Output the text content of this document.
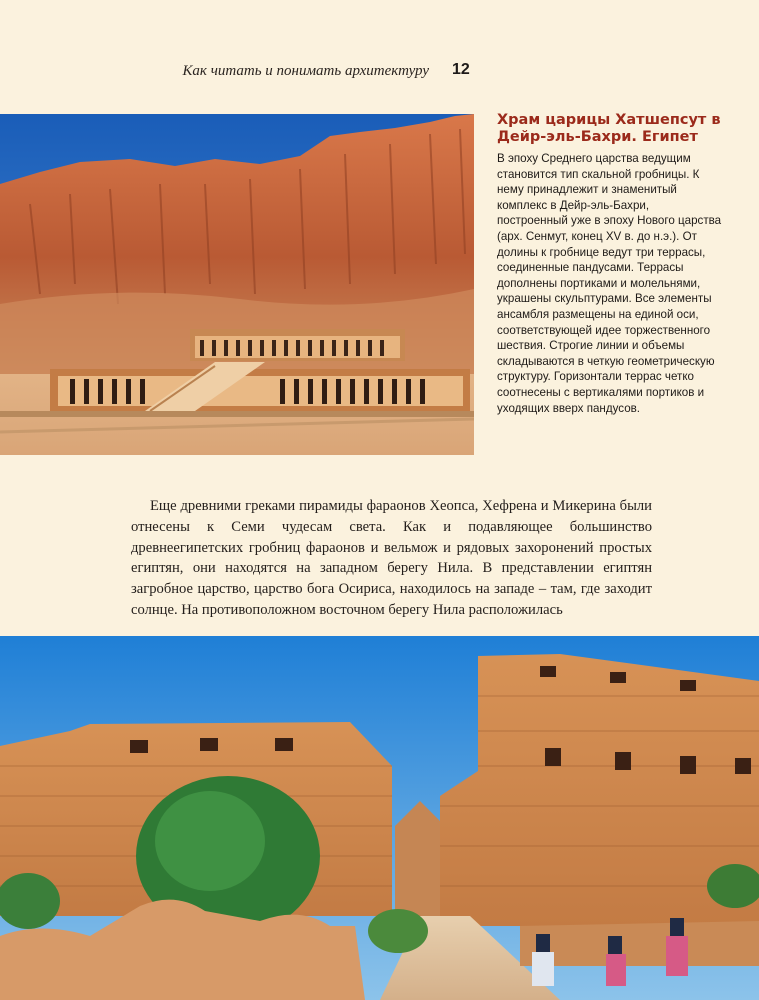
Как читать и понимать архитектуру 12
Храм царицы Хатшепсут в Дейр-эль-Бахри. Египет

В эпоху Среднего царства ведущим становится тип скальной гробницы. К нему принадлежит и знаменитый комплекс в Дейр-эль-Бахри, построенный уже в эпоху Нового царства (арх. Сенмут, конец XV в. до н.э.). От долины к гробнице ведут три террасы, соединенные пандусами. Террасы дополнены портиками и молельнями, украшены скульптурами. Все элементы ансамбля размещены на единой оси, соответствующей идее торжественного шествия. Строгие линии и объемы складываются в четкую геометрическую структуру. Горизонтали террас четко соотнесены с вертикалями портиков и уходящих вверх пандусов.

Еще древними греками пирамиды фараонов Хеопса, Хефрена и Микерина были отнесены к Семи чудесам света. Как и подавляющее большинство древнеегипетских гробниц фараонов и вельмож и рядовых захоронений простых египтян, они находятся на западном берегу Нила. В представлении египтян загробное царство, царство бога Осириса, находилось на западе – там, где заходит солнце. На противоположном восточном берегу Нила расположилась
